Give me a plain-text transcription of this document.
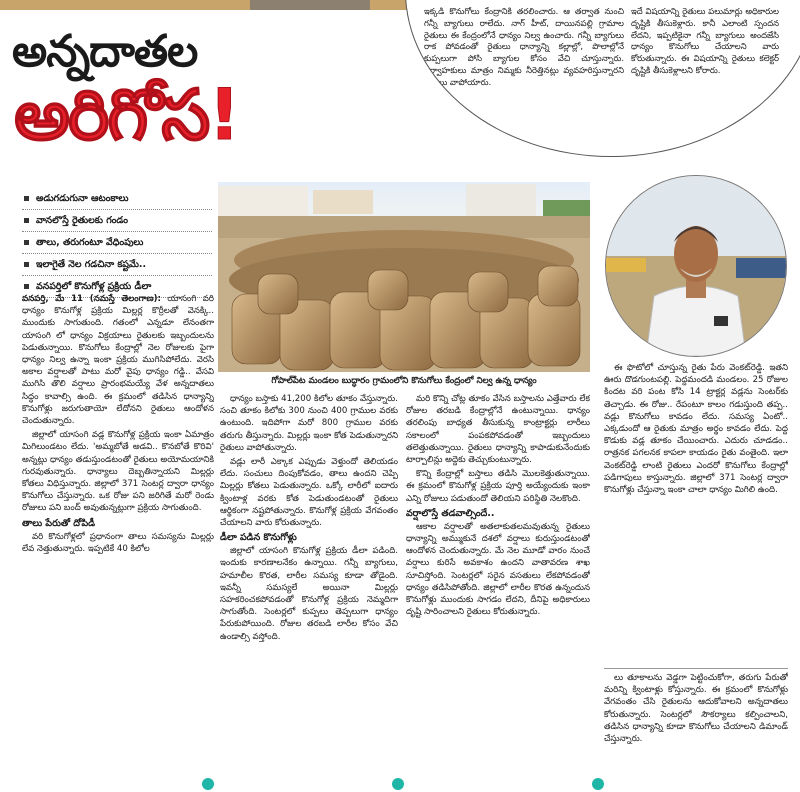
ఇక్కడి కొనుగోలు కేంద్రానికి తరలించారు. ఆ తర్వాత నుంచి గన్నీ బ్యాగులు రాలేదు. నాగ్‌ హీట్‌, దాయినపల్లి గ్రామాల రైతులు ఈ కేంద్రంలోనే ధాన్యం నిల్వ ఉంచారు. గన్నీ బ్యాగులు రాక పోవడంతో రైతులు ధాన్యాన్ని కల్లాల్లో, పొలాల్లోనే కుప్పలుగా పోసి బ్యాగుల కోసం వేచి చూస్తున్నారు. నిర్వాహకులు మాత్రం నిమ్మకు నీరెత్తినట్లు వ్యవహరిస్తున్నారని రైతులు వాపోయారు.
ఇదే విషయాన్ని రైతులు పలుమార్లు అధికారుల దృష్టికి తీసుకెళ్లారు. కానీ ఎలాంటి స్పందన లేదని, ఇప్పటికైనా గన్నీ బ్యాగులు అందజేసి ధాన్యం కొనుగోలు చేయాలని వారు కోరుతున్నారు. ఈ విషయాన్ని రైతులు కలెక్టర్‌ దృష్టికి తీసుకెళ్లాలని కోరారు.
అన్నదాతల
అరిగోస!
అడుగడుగునా ఆటంకాలు
వానలొస్తే రైతులకు గండం
తాలు, తరుగంటూ వేధింపులు
ఇలాగైతే నెల గడచినా కష్టమే..
వనపర్తిలో కొనుగోళ్ల ప్రక్రియ డీలా
గోపాల్‌పేట మండలం బుద్ధారం గ్రామంలోని కొనుగోలు కేంద్రంలో నిల్వ ఉన్న ధాన్యం

వనపర్తి, మే 11 (నమస్తే తెలంగాణ): యాసంగి వరి ధాన్యం కొనుగోళ్ల ప్రక్రియ మిల్లర్ల కొర్రీలతో వెనక్కి.. ముందుకు సాగుతుంది. గతంలో ఎన్నడూ లేనంతగా యాసంగి లో ధాన్యం విక్రయాలు రైతులకు ఇబ్బందులను పెడుతున్నాయి. కొనుగోలు కేంద్రాల్లో నెల రోజులకు పైగా ధాన్యం నిల్వ ఉన్నా ఇంకా ప్రక్రియ ముగిసిపోలేదు. వెరసి అకాల వర్షాలతో పాటు మరో వైపు ధాన్యం గడ్డి.. వేసవి ముగిసి తొలి వర్షాలు ప్రారంభమయ్యే వేళ అన్నదాతలు సిద్ధం కావాల్సి ఉంది. ఈ క్రమంలో తడిసిన ధాన్యాన్ని కొనుగోళ్లు జరుగుతాయో లేదోనని రైతులు ఆందోళన చెందుతున్నారు.

జిల్లాలో యాసంగి వడ్ల కొనుగోళ్ల ప్రక్రియ ఇంకా ఏమాత్రం మిగిలుండటం లేదు. 'అమ్మబోతే అడవి.. కొనబోతే కొరివి' అన్నట్లు ధాన్యం తడుస్తుండటంతో రైతులు అయోమయానికి గురవుతున్నారు. ధాన్యాలు దెబ్బతిన్నాయని మిల్లర్లు కోతలు విధిస్తున్నారు. జిల్లాలో 371 సెంటర్ల ద్వారా ధాన్యం కొనుగోలు చేస్తున్నారు. ఒక రోజు పని జరిగితే మరో రెండు రోజులు పని బంద్‌ అవుతున్నట్లుగా ప్రక్రియ సాగుతుంది.

తాలు పేరుతో దోపిడీ

వరి కొనుగోళ్లలో ప్రధానంగా తాలు సమస్యను మిల్లర్లు లేవ నెత్తుతున్నారు. ఇప్పటికే 40 కిలోల

ధాన్యం బస్తాకు 41,200 కిలోల తూకం వేస్తున్నారు. సంచి తూకం కిలోకు 300 నుంచి 400 గ్రాముల వరకు ఉంటుంది. ఇదిపోగా మరో 800 గ్రాముల వరకు తరుగు తీస్తున్నారు. మిల్లర్లు ఇంకా కోత పెడుతున్నారని రైతులు వాపోతున్నారు.

వడ్లు లారీ ఎక్కాక ఎప్పుడు వెళ్తుందో తెలియడం లేదు. సంచులు దింపుకోవడం, తాలు ఉందని చెప్పి మిల్లర్లు కోతలు పెడుతున్నారు. ఒక్కో లారీలో ఐదారు క్వింటాళ్ల వరకు కోత పెడుతుండటంతో రైతులు ఆర్థికంగా నష్టపోతున్నారు. కొనుగోళ్ల ప్రక్రియ వేగవంతం చేయాలని వారు కోరుతున్నారు.

డీలా పడిన కొనుగోళ్లు

జిల్లాలో యాసంగి కొనుగోళ్ల ప్రక్రియ డీలా పడింది. ఇందుకు కారణాలనేకం ఉన్నాయి. గన్నీ బ్యాగులు, హమాలీల కొరత, లారీల సమస్య కూడా తోడైంది. ఇవన్నీ సమస్యలే అయినా మిల్లర్లు సహకరించకపోవడంతో కొనుగోళ్ల ప్రక్రియ నెమ్మదిగా సాగుతోంది. సెంటర్లలో కుప్పలు తెప్పలుగా ధాన్యం పేరుకుపోయింది. రోజుల తరబడి లారీల కోసం వేచి ఉండాల్సి వస్తోంది.

మరి కొన్ని చోట్ల తూకం వేసిన బస్తాలను ఎత్తేవారు లేక రోజుల తరబడి కేంద్రాల్లోనే ఉంటున్నాయి. ధాన్యం తరలింపు బాధ్యత తీసుకున్న కాంట్రాక్టర్లు లారీలు సకాలంలో పంపకపోవడంతో ఇబ్బందులు తలెత్తుతున్నాయి. రైతులు ధాన్యాన్ని కాపాడుకునేందుకు టార్పాలిన్లు అద్దెకు తెచ్చుకుంటున్నారు.

కొన్ని కేంద్రాల్లో బస్తాలు తడిసి మొలకెత్తుతున్నాయి. ఈ క్రమంలో కొనుగోళ్ల ప్రక్రియ పూర్తి అయ్యేందుకు ఇంకా ఎన్ని రోజులు పడుతుందో తెలియని పరిస్థితి నెలకొంది.

వర్షాలొస్తే తడవాల్సిందే..

ఆకాల వర్షాలతో అతలాకుతలమవుతున్న రైతులు ధాన్యాన్ని అమ్ముకునే దశలో వర్షాలు కురుస్తుండటంతో ఆందోళన చెందుతున్నారు. మే నెల మూడో వారం నుంచే వర్షాలు కురిసే అవకాశం ఉందని వాతావరణ శాఖ సూచిస్తోంది. సెంటర్లలో సరైన వసతులు లేకపోవడంతో ధాన్యం తడిసిపోతోంది. జిల్లాలో లారీల కొరత ఉన్నందున కొనుగోళ్లు ముందుకు సాగడం లేదని, దీనిపై అధికారులు దృష్టి సారించాలని రైతులు కోరుతున్నారు.

ఈ ఫొటోలో చూస్తున్న రైతు పేరు వెంకట్‌రెడ్డి. ఇతని ఊరు దొడగుంటపల్లి. పెద్దమందడి మండలం. 25 రోజుల కిందట వరి పంట కోసి 14 ట్రాక్టర్ల వడ్లను సెంటర్‌కు తెచ్చాడు. ఈ రోజు.. రేపంటూ కాలం గడుస్తుంది తప్ప.. వడ్లు కొనుగోలు కావడం లేదు. సమస్య ఏంటో.. ఎక్కడుందో ఆ రైతుకు మాత్రం అర్థం కావడం లేదు. పెద్ద కొడుకు వడ్ల తూకం చేయించారు. ఎదురు చూడడం.. రాత్రనక పగలనక కాపలా కాయడం రైతు వంతైంది. ఇలా వెంకట్‌రెడ్డి లాంటి రైతులు ఎందరో కొనుగోలు కేంద్రాల్లో పడిగాపులు కాస్తున్నారు. జిల్లాలో 371 సెంటర్ల ద్వారా కొనుగోళ్లు చేస్తున్నా ఇంకా చాలా ధాన్యం మిగిలి ఉంది.

లు తూకాలను వెడ్డగా పెట్టించుకోగా, తరుగు పేరుతో మరిన్ని క్వింటాళ్లు కోస్తున్నారు. ఈ క్రమంలో కొనుగోళ్లు వేగవంతం చేసి రైతులను ఆదుకోవాలని అన్నదాతలు కోరుతున్నారు. సెంటర్లలో సౌకర్యాలు కల్పించాలని, తడిసిన ధాన్యాన్ని కూడా కొనుగోలు చేయాలని డిమాండ్‌ చేస్తున్నారు.
